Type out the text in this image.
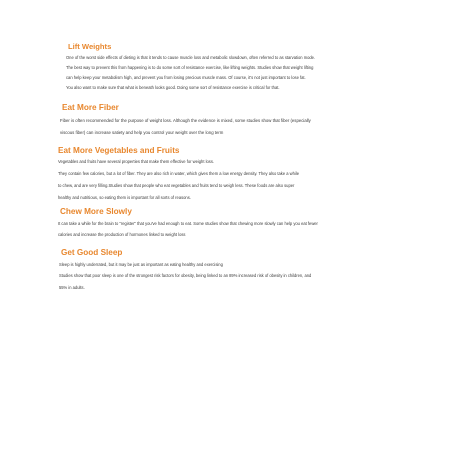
Lift Weights

One of the worst side effects of dieting is that it tends to cause muscle loss and metabolic slowdown, often referred to as starvation mode.

The best way to prevent this from happening is to do some sort of resistance exercise, like lifting weights. Studies show that weight lifting

can help keep your metabolism high, and prevent you from losing precious muscle mass. Of course, it's not just important to lose fat.

You also want to make sure that what is beneath looks good. Doing some sort of resistance exercise is critical for that.

Eat More Fiber

Fiber is often recommended for the purpose of weight loss. Although the evidence is mixed, some studies show that fiber (especially

viscous fiber) can increase satiety and help you control your weight over the long term

Eat More Vegetables and Fruits

Vegetables and fruits have several properties that make them effective for weight loss.

They contain few calories, but a lot of fiber. They are also rich in water, which gives them a low energy density. They also take a while

to chew, and are very filling.Studies show that people who eat vegetables and fruits tend to weigh less. These foods are also super

healthy and nutritious, so eating them is important for all sorts of reasons.

Chew More Slowly

It can take a while for the brain to "register" that you've had enough to eat. Some studies show that chewing more slowly can help you eat fewer

calories and increase the production of hormones linked to weight loss

Get Good Sleep

Sleep is highly underrated, but it may be just as important as eating healthy and exercising

Studies show that poor sleep is one of the strongest risk factors for obesity, being linked to an 89% increased risk of obesity in children, and

55% in adults.
